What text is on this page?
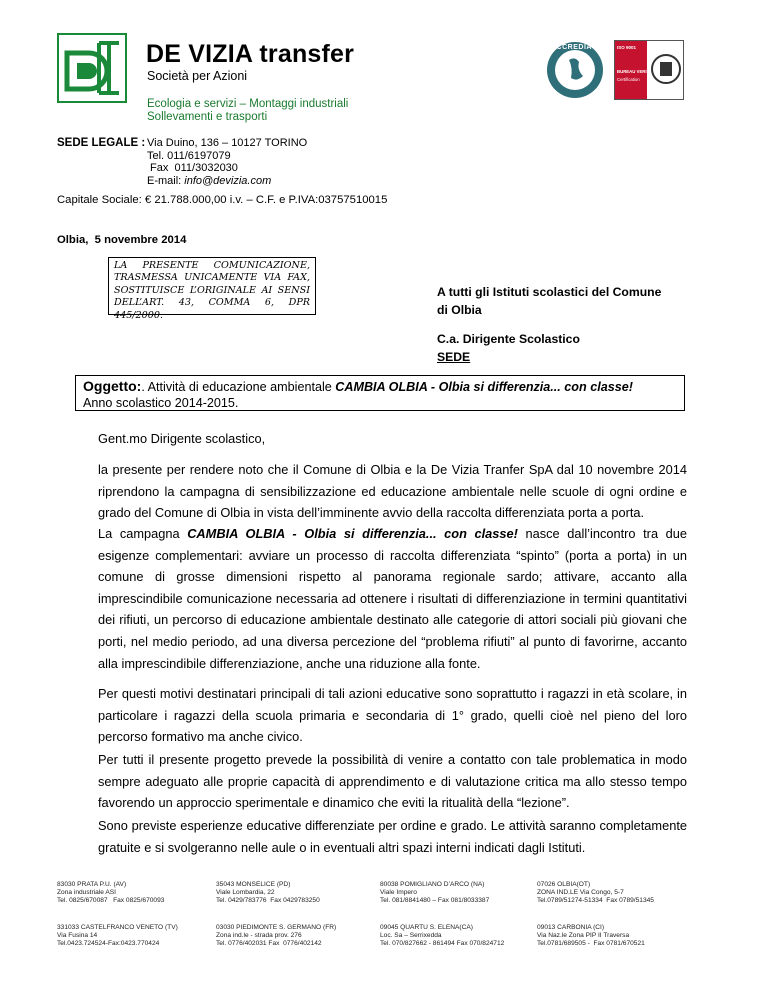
DE VIZIA transfer
Società per Azioni
Ecologia e servizi – Montaggi industriali
Sollevamenti e trasporti
ACCREDIA	ISO 9001
BUREAU VERITAS
Certification
SEDE LEGALE : Via Duino, 136 – 10127 TORINO
Tel. 011/6197079
Fax  011/3032030
E-mail: info@devizia.com
Capitale Sociale: € 21.788.000,00 i.v. – C.F. e P.IVA:03757510015
Olbia,  5 novembre 2014
LA PRESENTE COMUNICAZIONE, TRASMESSA UNICAMENTE VIA FAX, SOSTITUISCE L’ORIGINALE AI SENSI DELL’ART. 43, COMMA 6, DPR 445/2000.
A tutti gli Istituti scolastici del Comune
di Olbia
C.a. Dirigente Scolastico
SEDE
Oggetto:. Attività di educazione ambientale CAMBIA OLBIA - Olbia si differenzia... con classe!
Anno scolastico 2014-2015.
Gent.mo Dirigente scolastico,
la presente per rendere noto che il Comune di Olbia e la De Vizia Tranfer SpA dal 10 novembre 2014 riprendono la campagna di sensibilizzazione ed educazione ambientale nelle scuole di ogni ordine e grado del Comune di Olbia in vista dell’imminente avvio della raccolta differenziata porta a porta.
La campagna CAMBIA OLBIA - Olbia si differenzia... con classe! nasce dall’incontro tra due esigenze complementari: avviare un processo di raccolta differenziata “spinto” (porta a porta) in un comune di grosse dimensioni rispetto al panorama regionale sardo; attivare, accanto alla imprescindibile comunicazione necessaria ad ottenere i risultati di differenziazione in termini quantitativi dei rifiuti, un percorso di educazione ambientale destinato alle categorie di attori sociali più giovani che porti, nel medio periodo, ad una diversa percezione del “problema rifiuti” al punto di favorirne, accanto alla imprescindibile differenziazione, anche una riduzione alla fonte.
Per questi motivi destinatari principali di tali azioni educative sono soprattutto i ragazzi in età scolare, in particolare i ragazzi della scuola primaria e secondaria di 1° grado, quelli cioè nel pieno del loro percorso formativo ma anche civico.
Per tutti il presente progetto prevede la possibilità di venire a contatto con tale problematica in modo sempre adeguato alle proprie capacità di apprendimento e di valutazione critica ma allo stesso tempo favorendo un approccio sperimentale e dinamico che eviti la ritualità della “lezione”.
Sono previste esperienze educative differenziate per ordine e grado. Le attività saranno completamente gratuite e si svolgeranno nelle aule o in eventuali altri spazi interni indicati dagli Istituti.
83030 PRATA P.U. (AV)
Zona industriale ASI
Tel. 0825/670087   Fax 0825/670093
35043 MONSELICE (PD)
Viale Lombardia, 22
Tel. 0429/783776  Fax 0429783250
80038 POMIGLIANO D’ARCO (NA)
Viale Impero
Tel. 081/8841480 – Fax 081/8033387
07026 OLBIA(OT)
ZONA IND.LE Via Congo, 5-7
Tel.0789/51274-51334  Fax 0789/51345
331033 CASTELFRANCO VENETO (TV)
Via Fusina 14
Tel.0423.724524-Fax:0423.770424
03030 PIEDIMONTE S. GERMANO (FR)
Zona ind.le - strada prov. 276
Tel. 0776/402031 Fax  0776/402142
09045 QUARTU S. ELENA(CA)
Loc. Sa – Serrixedda
Tel. 070/827662 - 861494 Fax 070/824712
09013 CARBONIA (CI)
Via Naz.le Zona PIP II Traversa
Tel.0781/689505 -  Fax 0781/670521
